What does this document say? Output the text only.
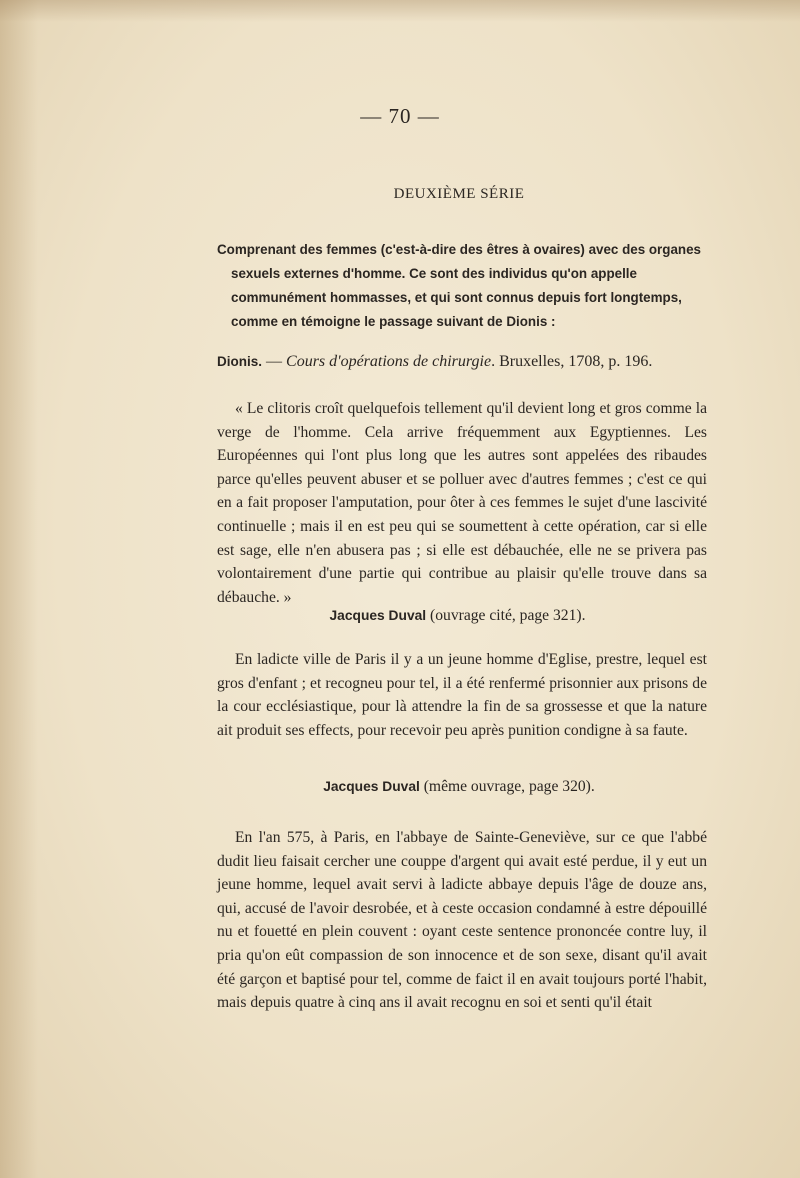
— 70 —
DEUXIÈME SÉRIE
Comprenant des femmes (c'est-à-dire des êtres à ovaires) avec des organes sexuels externes d'homme. Ce sont des individus qu'on appelle communément hommasses, et qui sont connus depuis fort longtemps, comme en témoigne le passage suivant de Dionis :
Dionis. — Cours d'opérations de chirurgie. Bruxelles, 1708, p. 196.
« Le clitoris croît quelquefois tellement qu'il devient long et gros comme la verge de l'homme. Cela arrive fréquemment aux Egyptiennes. Les Européennes qui l'ont plus long que les autres sont appelées des ribaudes parce qu'elles peuvent abuser et se polluer avec d'autres femmes ; c'est ce qui en a fait proposer l'amputation, pour ôter à ces femmes le sujet d'une lascivité continuelle ; mais il en est peu qui se soumettent à cette opération, car si elle est sage, elle n'en abusera pas ; si elle est débauchée, elle ne se privera pas volontairement d'une partie qui contribue au plaisir qu'elle trouve dans sa débauche. »
Jacques Duval (ouvrage cité, page 321).
En ladicte ville de Paris il y a un jeune homme d'Eglise, prestre, lequel est gros d'enfant ; et recogneu pour tel, il a été renfermé prisonnier aux prisons de la cour ecclésiastique, pour là attendre la fin de sa grossesse et que la nature ait produit ses effects, pour recevoir peu après punition condigne à sa faute.
Jacques Duval (même ouvrage, page 320).
En l'an 575, à Paris, en l'abbaye de Sainte-Geneviève, sur ce que l'abbé dudit lieu faisait cercher une couppe d'argent qui avait esté perdue, il y eut un jeune homme, lequel avait servi à ladicte abbaye depuis l'âge de douze ans, qui, accusé de l'avoir desrobée, et à ceste occasion condamné à estre dépouillé nu et fouetté en plein couvent : oyant ceste sentence prononcée contre luy, il pria qu'on eût compassion de son innocence et de son sexe, disant qu'il avait été garçon et baptisé pour tel, comme de faict il en avait toujours porté l'habit, mais depuis quatre à cinq ans il avait recognu en soi et senti qu'il était
